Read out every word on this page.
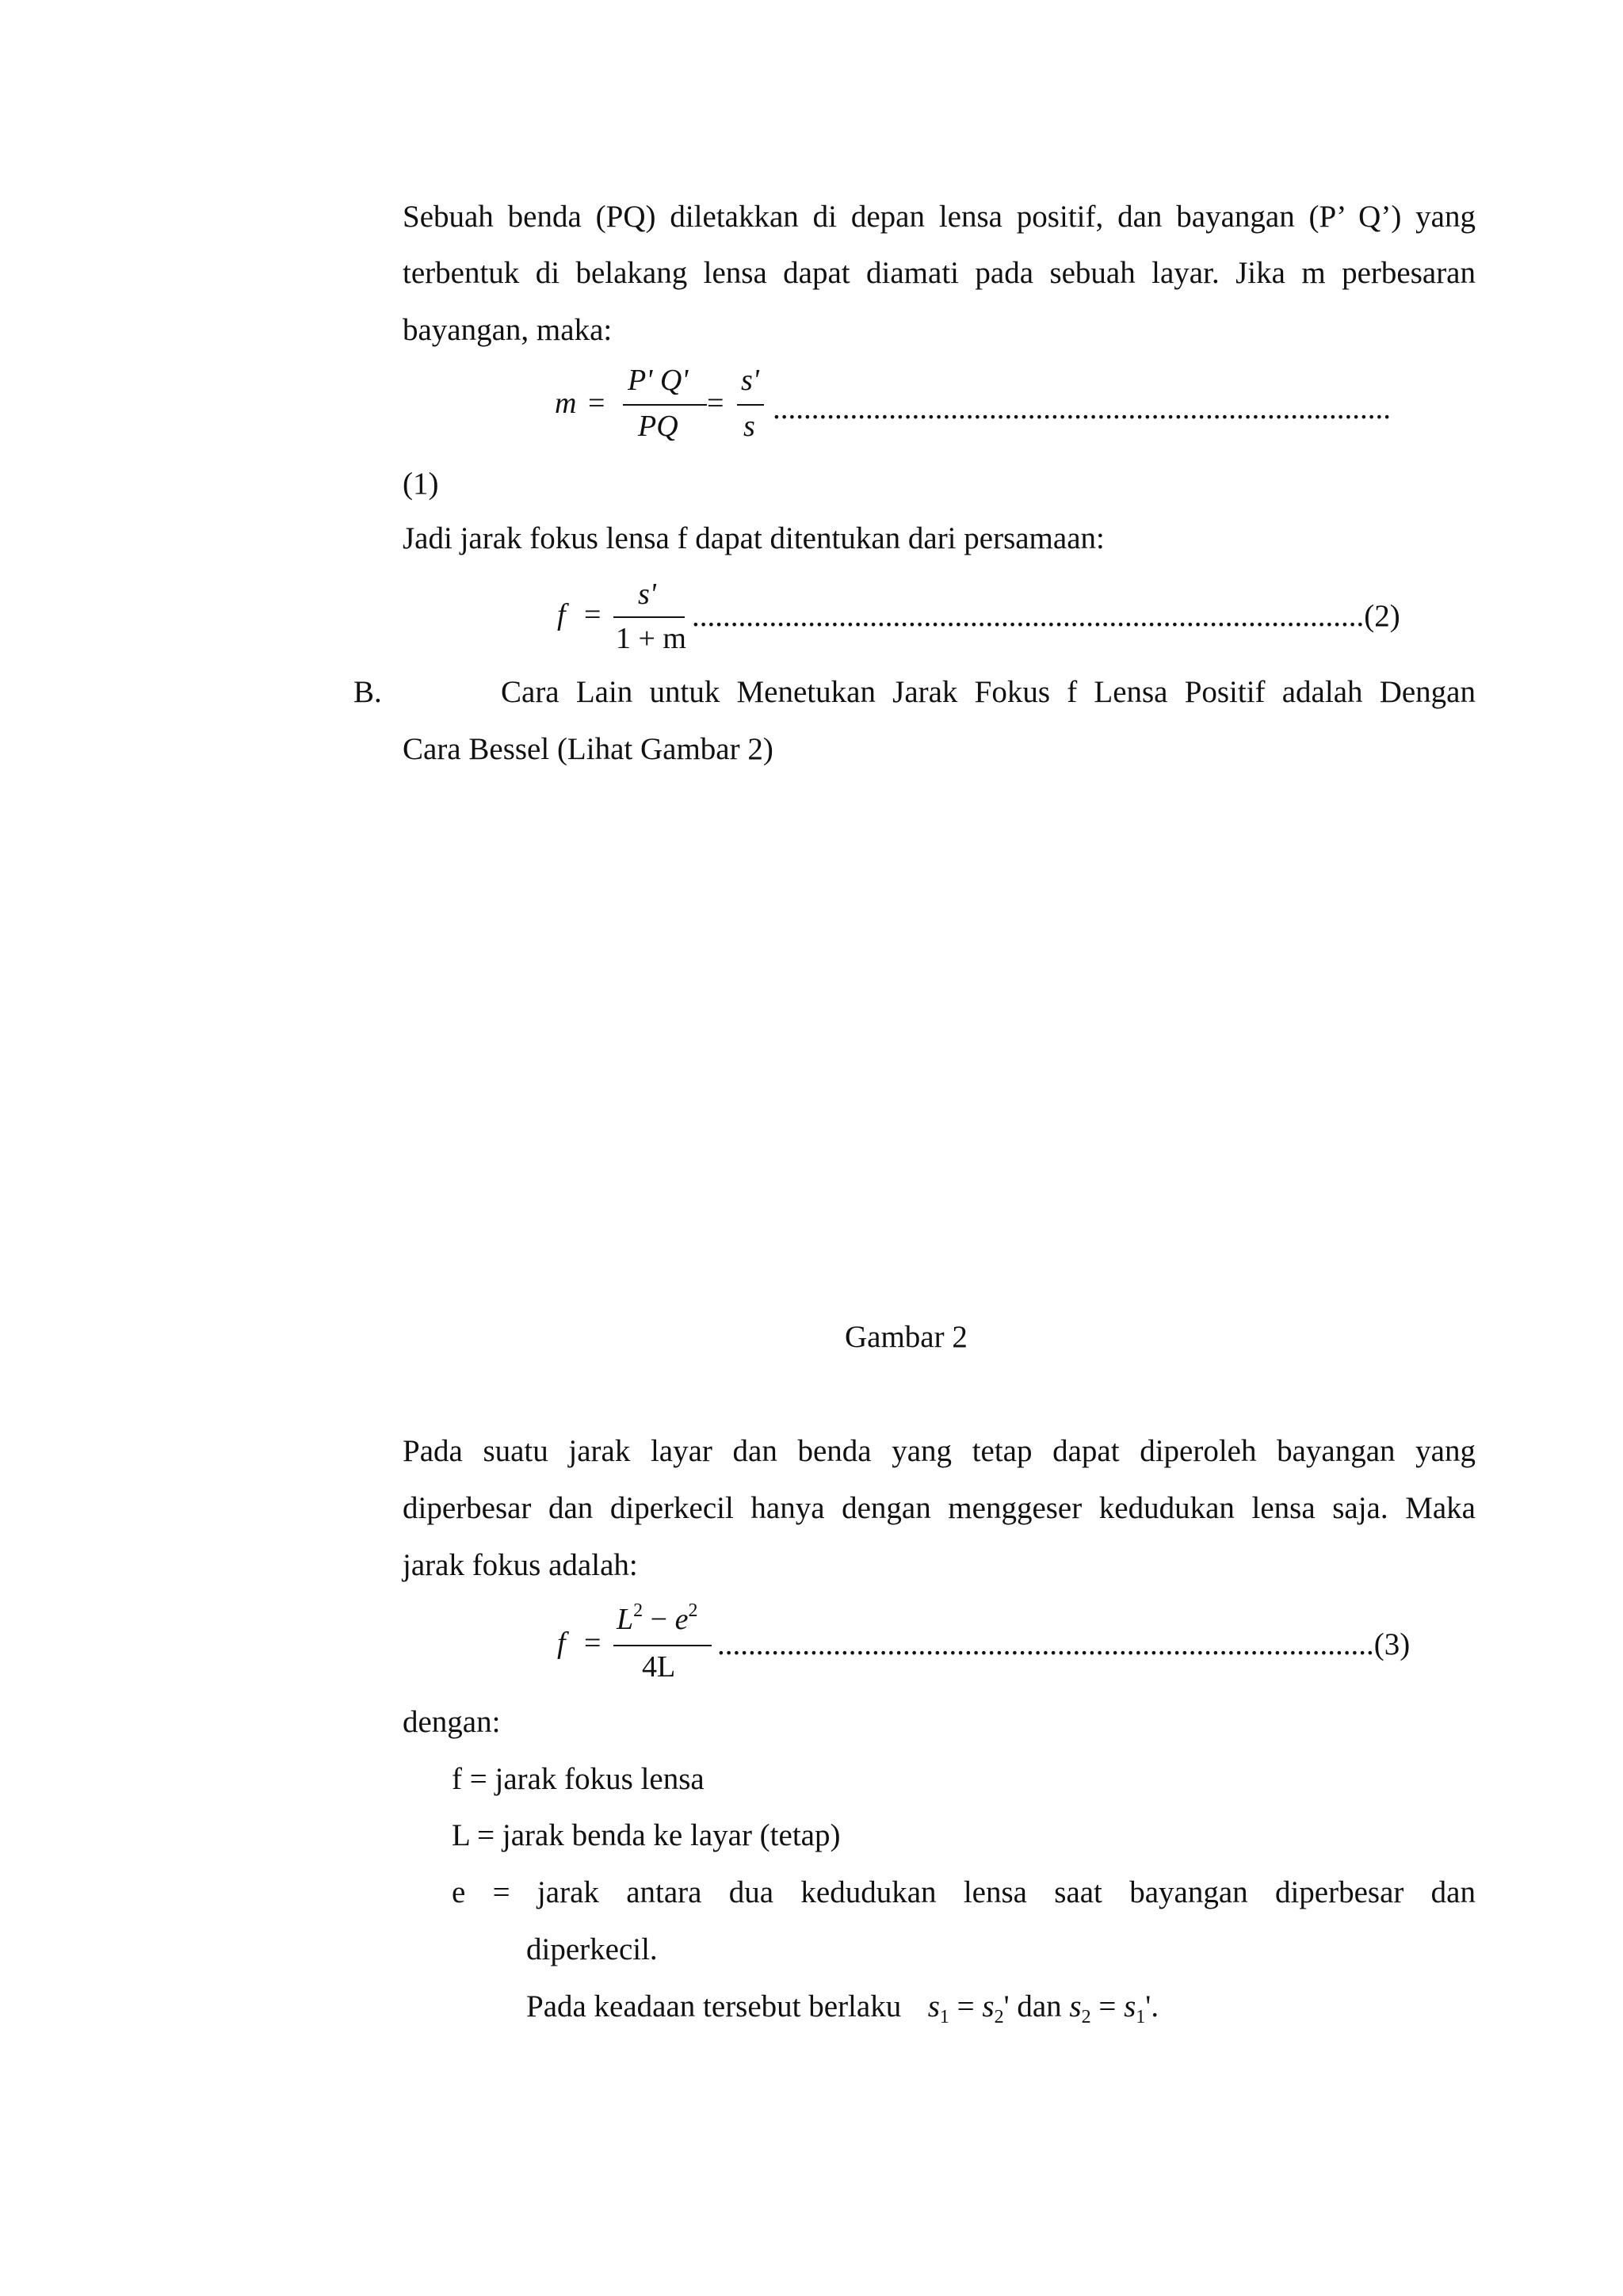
Sebuah benda (PQ) diletakkan di depan lensa positif, dan bayangan (P’ Q’) yang
terbentuk di belakang lensa dapat diamati pada sebuah layar. Jika m perbesaran
bayangan, maka:
m =
P' Q'
PQ
=
s'
s
................................................................................
(1)
Jadi jarak fokus lensa f dapat ditentukan dari persamaan:
f =
s'
1 + m
.......................................................................................(2)
B.	Cara Lain untuk Menetukan Jarak Fokus f Lensa Positif adalah Dengan
Cara Bessel (Lihat Gambar 2)
Gambar 2
Pada suatu jarak layar dan benda yang tetap dapat diperoleh bayangan yang
diperbesar dan diperkecil hanya dengan menggeser kedudukan lensa saja. Maka
jarak fokus adalah:
f =
$L^2 - e^2$
4L
.....................................................................................(3)
dengan:
f = jarak fokus lensa
L = jarak benda ke layar (tetap)
e = jarak antara dua kedudukan lensa saat bayangan diperbesar dan
diperkecil.
Pada keadaan tersebut berlaku $s_1 = s_2'$ dan $s_2 = s_1'$.
